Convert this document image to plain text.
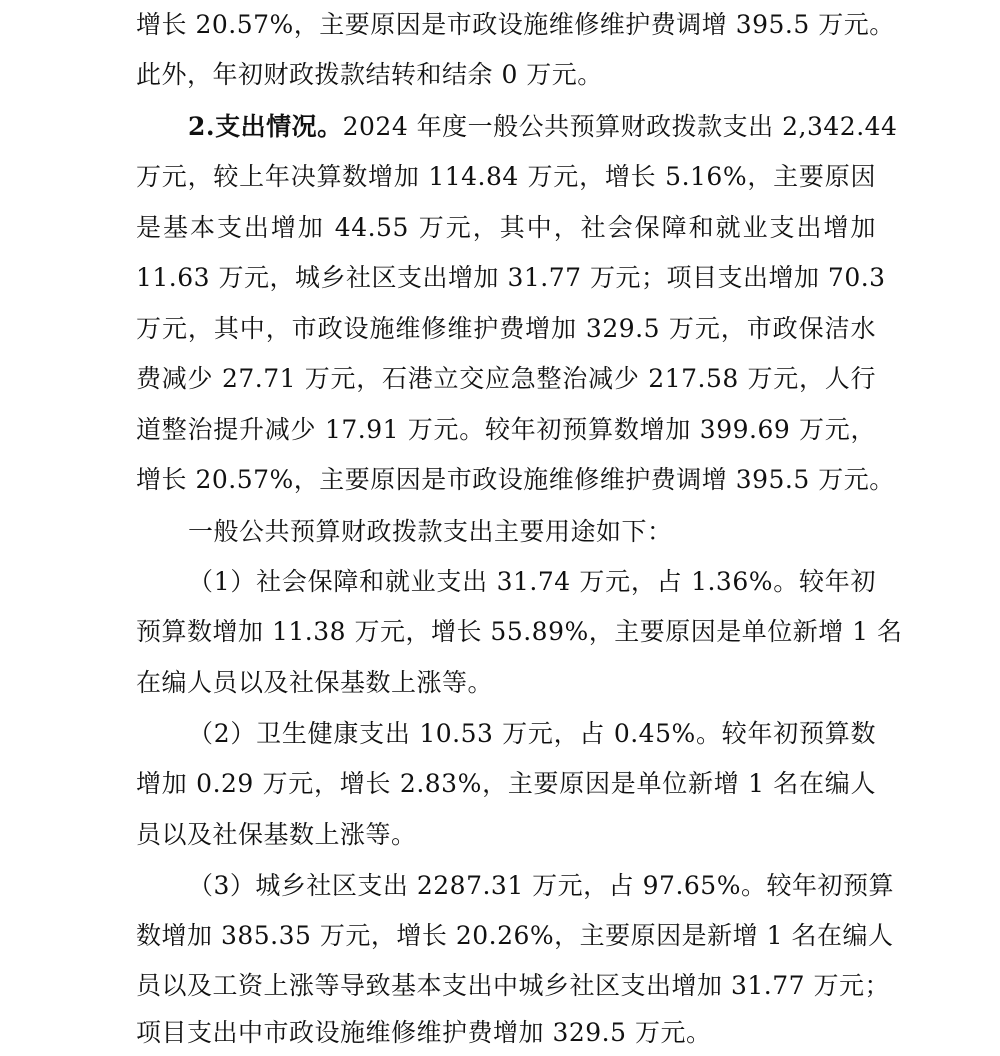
增长 20.57%，主要原因是市政设施维修维护费调增 395.5 万元。
此外，年初财政拨款结转和结余 0 万元。
2.支出情况。2024 年度一般公共预算财政拨款支出 2,342.44
万元，较上年决算数增加 114.84 万元，增长 5.16%，主要原因
是基本支出增加 44.55 万元，其中，社会保障和就业支出增加
11.63 万元，城乡社区支出增加 31.77 万元；项目支出增加 70.3
万元，其中，市政设施维修维护费增加 329.5 万元，市政保洁水
费减少 27.71 万元，石港立交应急整治减少 217.58 万元，人行
道整治提升减少 17.91 万元。较年初预算数增加 399.69 万元，
增长 20.57%，主要原因是市政设施维修维护费调增 395.5 万元。
一般公共预算财政拨款支出主要用途如下：
（1）社会保障和就业支出 31.74 万元，占 1.36%。较年初
预算数增加 11.38 万元，增长 55.89%，主要原因是单位新增 1 名
在编人员以及社保基数上涨等。
（2）卫生健康支出 10.53 万元，占 0.45%。较年初预算数
增加 0.29 万元，增长 2.83%，主要原因是单位新增 1 名在编人
员以及社保基数上涨等。
（3）城乡社区支出 2287.31 万元，占 97.65%。较年初预算
数增加 385.35 万元，增长 20.26%，主要原因是新增 1 名在编人
员以及工资上涨等导致基本支出中城乡社区支出增加 31.77 万元；
项目支出中市政设施维修维护费增加 329.5 万元。
